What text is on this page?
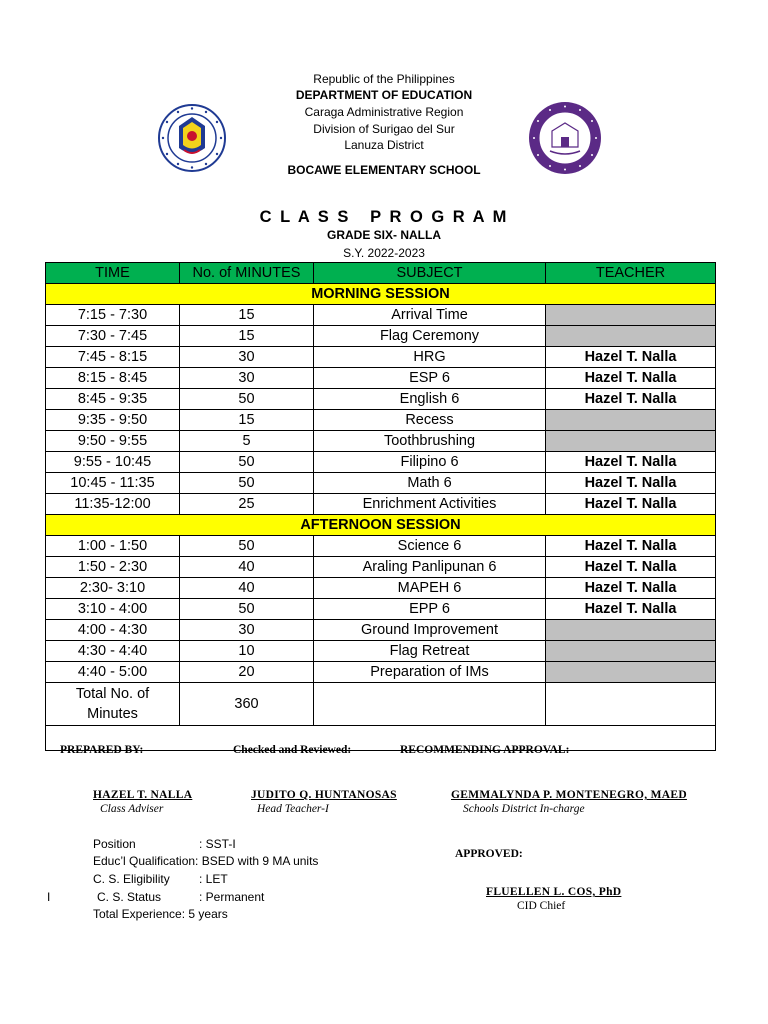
Republic of the Philippines
DEPARTMENT OF EDUCATION
Caraga Administrative Region
Division of Surigao del Sur
Lanuza District
BOCAWE ELEMENTARY SCHOOL
C L A S S   P R O G R A M
GRADE SIX- NALLA
S.Y. 2022-2023
TIME	No. of MINUTES	SUBJECT	TEACHER
MORNING SESSION			
7:15 - 7:30	15	Arrival Time	
7:30 - 7:45	15	Flag Ceremony	
7:45 - 8:15	30	HRG	Hazel T. Nalla
8:15 - 8:45	30	ESP 6	Hazel T. Nalla
8:45 - 9:35	50	English 6	Hazel T. Nalla
9:35 - 9:50	15	Recess	
9:50 - 9:55	5	Toothbrushing	
9:55 - 10:45	50	Filipino 6	Hazel T. Nalla
10:45 - 11:35	50	Math 6	Hazel T. Nalla
11:35-12:00	25	Enrichment Activities	Hazel T. Nalla
AFTERNOON SESSION			
1:00 - 1:50	50	Science 6	Hazel T. Nalla
1:50 - 2:30	40	Araling Panlipunan 6	Hazel T. Nalla
2:30- 3:10	40	MAPEH 6	Hazel T. Nalla
3:10 - 4:00	50	EPP 6	Hazel T. Nalla
4:00 - 4:30	30	Ground Improvement	
4:30 - 4:40	10	Flag Retreat	
4:40 - 5:00	20	Preparation of IMs	

Total No. of
Minutes	360		

PREPARED BY:	Checked and Reviewed:	RECOMMENDING APPROVAL:
HAZEL T. NALLA
Class Adviser
JUDITO Q. HUNTANOSAS
Head Teacher-I
GEMMALYNDA P. MONTENEGRO, MAED
Schools District In-charge
APPROVED:
FLUELLEN L. COS, PhD
CID Chief
Position	: SST-I
Educ’l Qualification: BSED with 9 MA units
C. S. Eligibility : LET
I	C. S. Status	: Permanent
Total Experience: 5 years
